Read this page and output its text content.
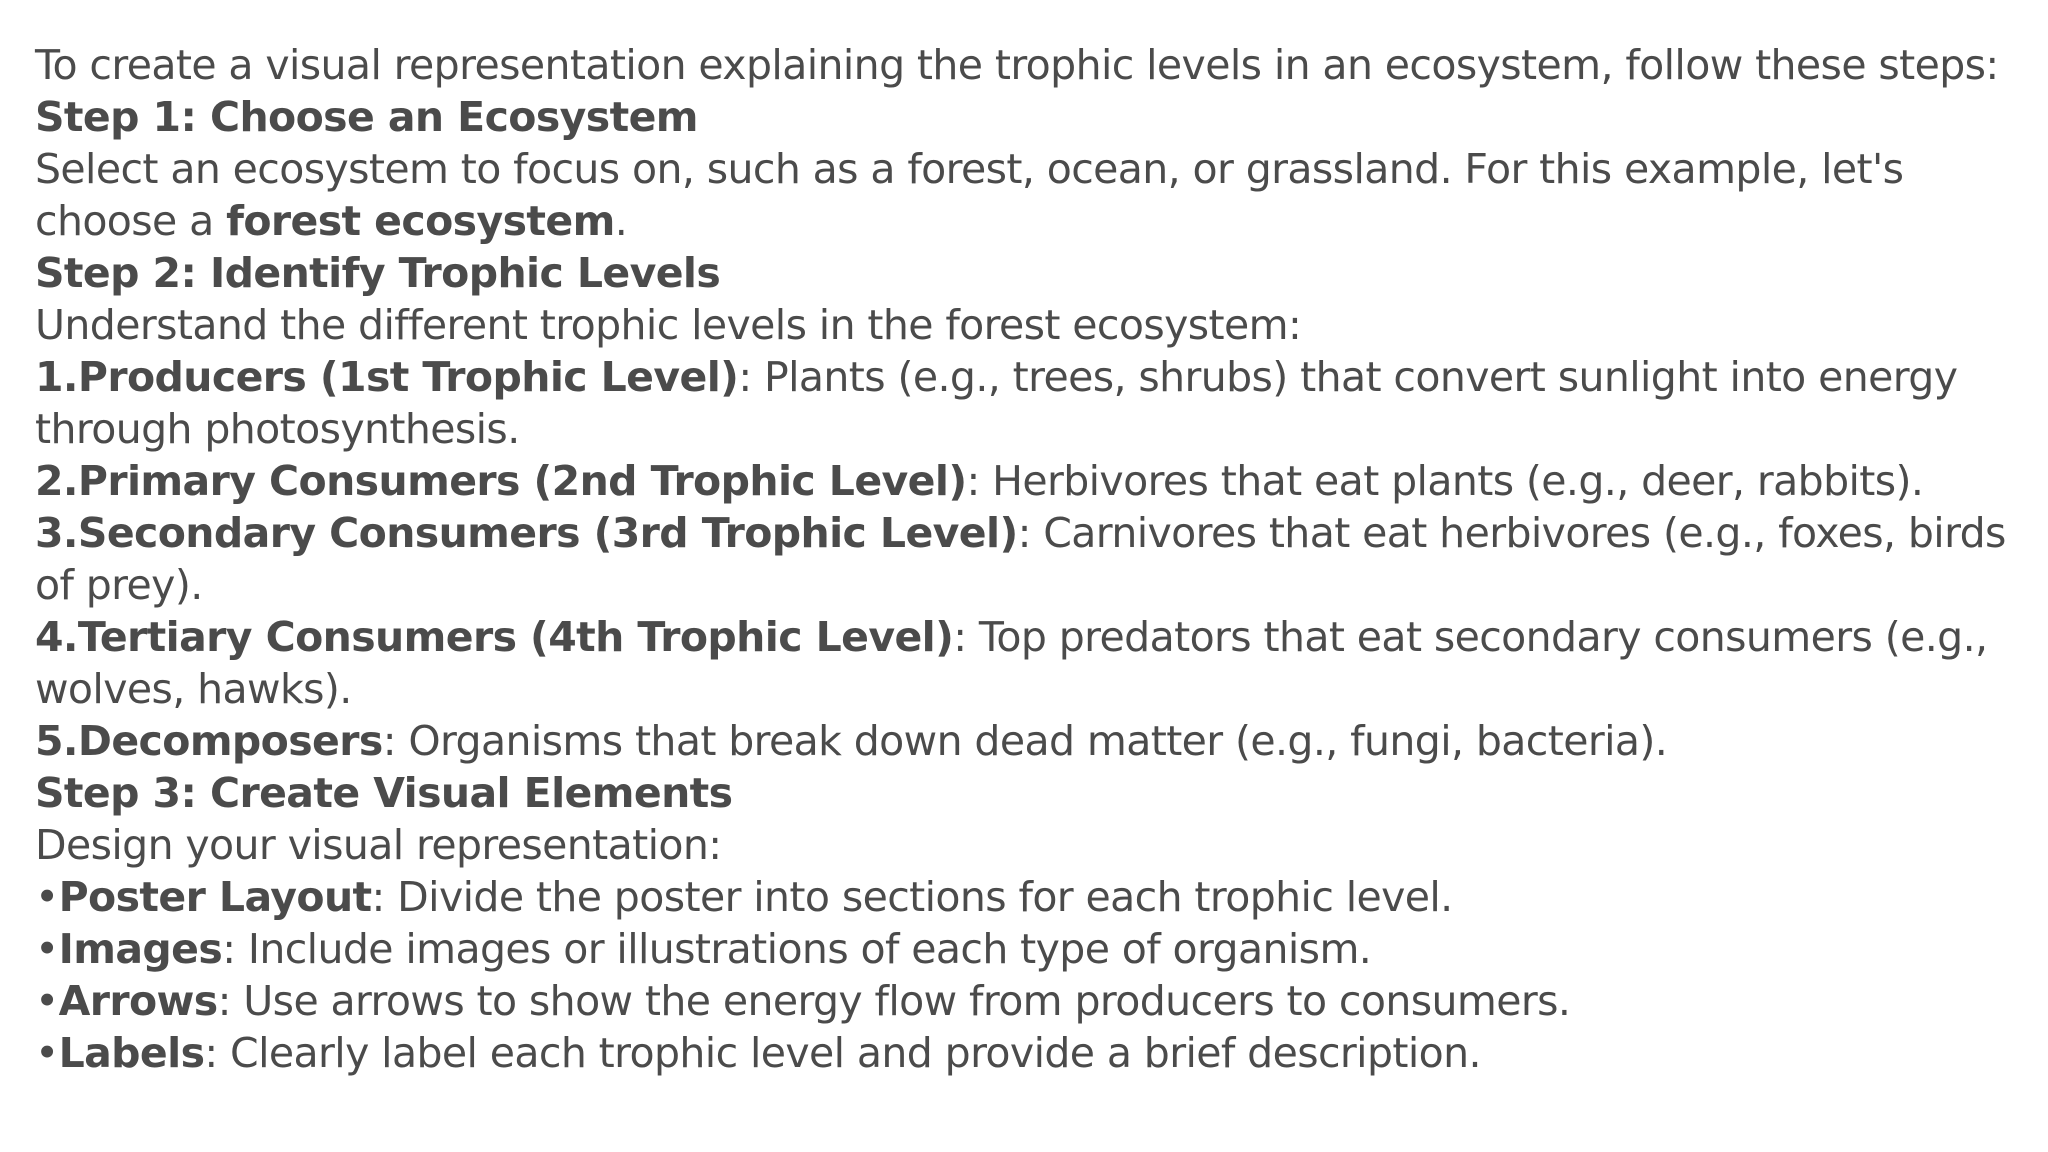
To create a visual representation explaining the trophic levels in an ecosystem, follow these steps:

Step 1: Choose an Ecosystem

Select an ecosystem to focus on, such as a forest, ocean, or grassland. For this example, let's choose a forest ecosystem.

Step 2: Identify Trophic Levels

Understand the different trophic levels in the forest ecosystem:

1.Producers (1st Trophic Level): Plants (e.g., trees, shrubs) that convert sunlight into energy through photosynthesis.

2.Primary Consumers (2nd Trophic Level): Herbivores that eat plants (e.g., deer, rabbits).

3.Secondary Consumers (3rd Trophic Level): Carnivores that eat herbivores (e.g., foxes, birds of prey).

4.Tertiary Consumers (4th Trophic Level): Top predators that eat secondary consumers (e.g., wolves, hawks).

5.Decomposers: Organisms that break down dead matter (e.g., fungi, bacteria).

Step 3: Create Visual Elements

Design your visual representation:

•Poster Layout: Divide the poster into sections for each trophic level.

•Images: Include images or illustrations of each type of organism.

•Arrows: Use arrows to show the energy flow from producers to consumers.

•Labels: Clearly label each trophic level and provide a brief description.
